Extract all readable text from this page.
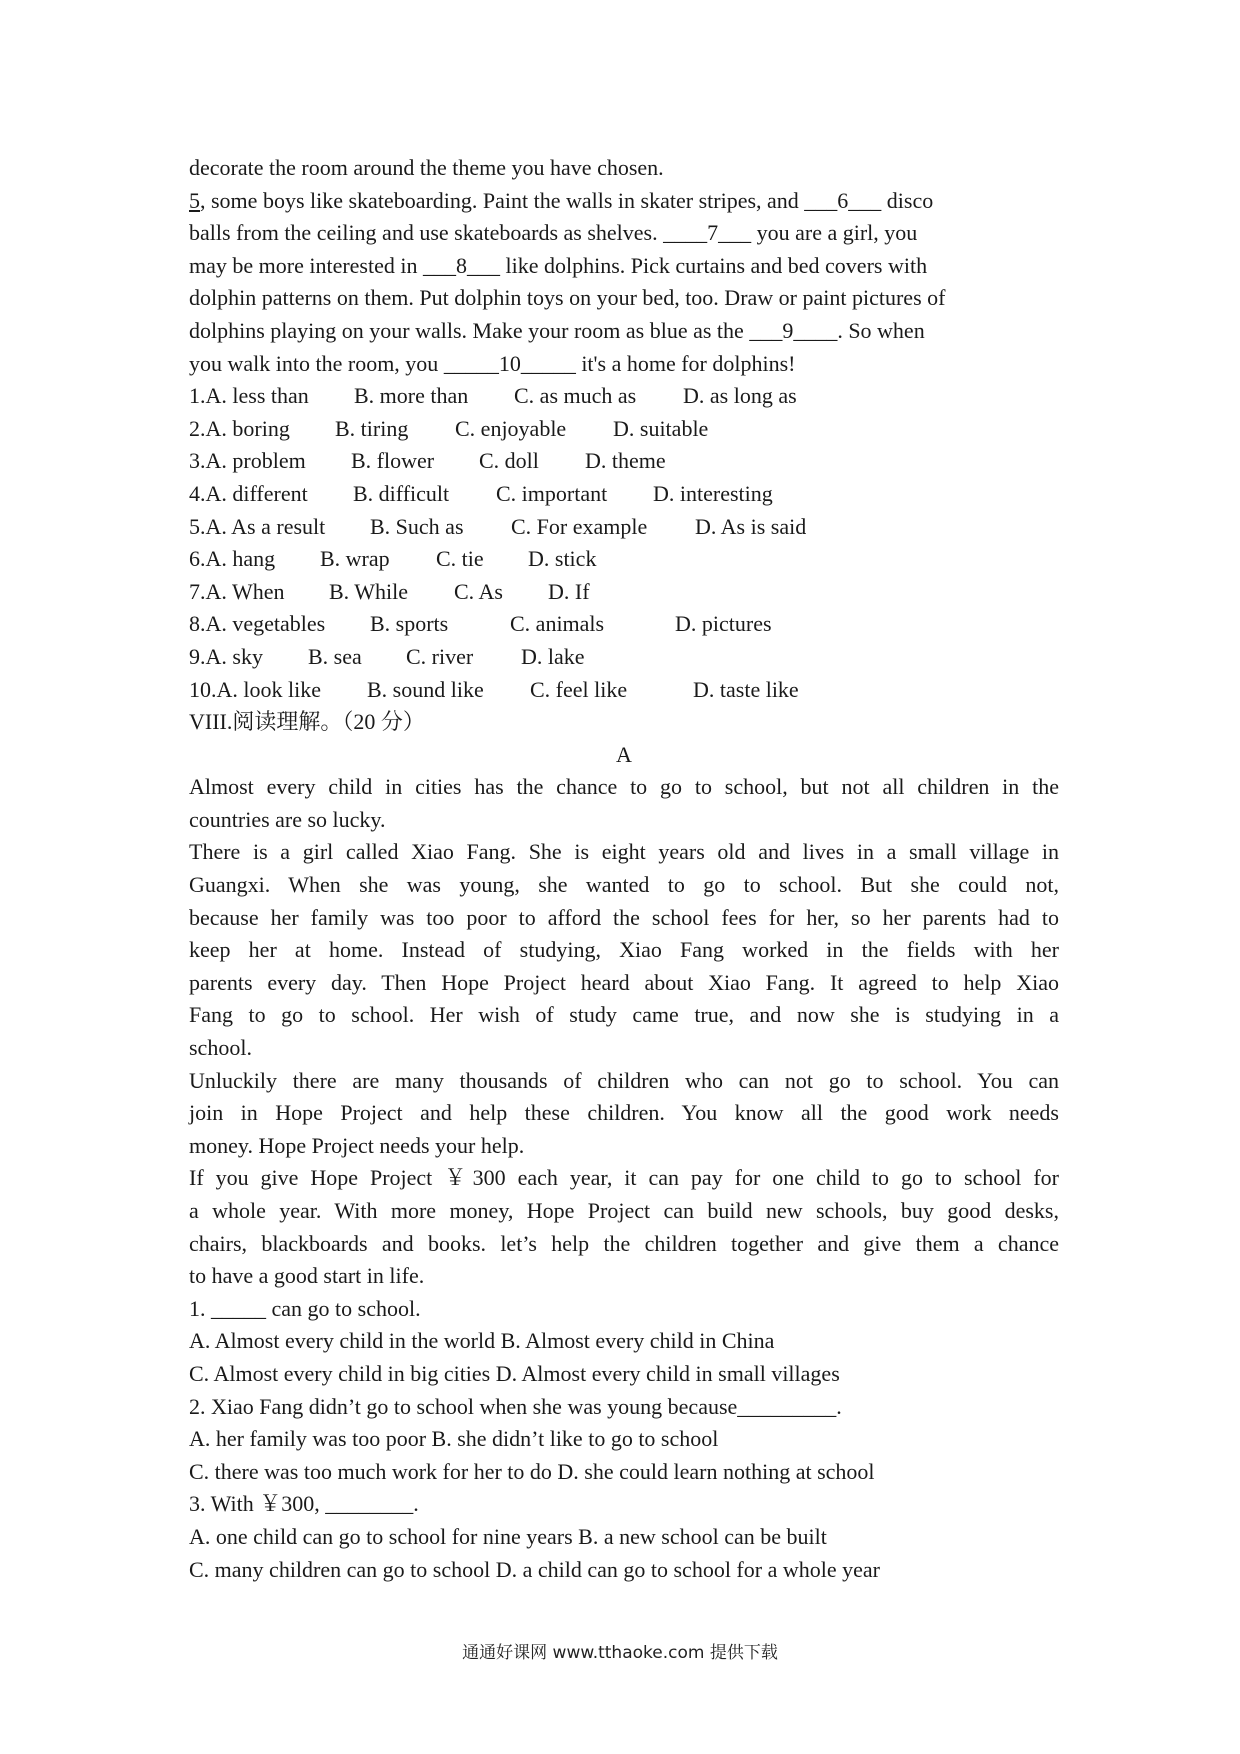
decorate the room around the theme you have chosen.
5, some boys like skateboarding. Paint the walls in skater stripes, and ___6___ disco
balls from the ceiling and use skateboards as shelves. ____7___ you are a girl, you
may be more interested in ___8___ like dolphins. Pick curtains and bed covers with
dolphin patterns on them. Put dolphin toys on your bed, too. Draw or paint pictures of
dolphins playing on your walls. Make your room as blue as the ___9____. So when
you walk into the room, you _____10_____ it's a home for dolphins!
1.A. less than B. more than C. as much as D. as long as
2.A. boring B. tiring C. enjoyable D. suitable
3.A. problem B. flower C. doll D. theme
4.A. different B. difficult C. important D. interesting
5.A. As a result B. Such as C. For example D. As is said
6.A. hang B. wrap C. tie D. stick
7.A. When B. While C. As D. If
8.A. vegetables B. sports	C. animals	D. pictures
9.A. sky B. sea C. river D. lake
10.A. look like B. sound like C. feel like	D. taste like
VIII.阅读理解。（20 分）
A
Almost every child in cities has the chance to go to school, but not all children in the
countries are so lucky.
There is a girl called Xiao Fang. She is eight years old and lives in a small village in
Guangxi. When she was young, she wanted to go to school. But she could not,
because her family was too poor to afford the school fees for her, so her parents had to
keep her at home. Instead of studying, Xiao Fang worked in the fields with her
parents every day. Then Hope Project heard about Xiao Fang. It agreed to help Xiao
Fang to go to school. Her wish of study came true, and now she is studying in a
school.
Unluckily there are many thousands of children who can not go to school. You can
join in Hope Project and help these children. You know all the good work needs
money. Hope Project needs your help.
If you give Hope Project ￥300 each year, it can pay for one child to go to school for
a whole year. With more money, Hope Project can build new schools, buy good desks,
chairs, blackboards and books. let’s help the children together and give them a chance
to have a good start in life.
1. _____ can go to school.
A. Almost every child in the world B. Almost every child in China
C. Almost every child in big cities D. Almost every child in small villages
2. Xiao Fang didn’t go to school when she was young because_________.
A. her family was too poor B. she didn’t like to go to school
C. there was too much work for her to do D. she could learn nothing at school
3. With ￥300, ________.
A. one child can go to school for nine years B. a new school can be built
C. many children can go to school D. a child can go to school for a whole year
通通好课网 www.tthaoke.com 提供下载
